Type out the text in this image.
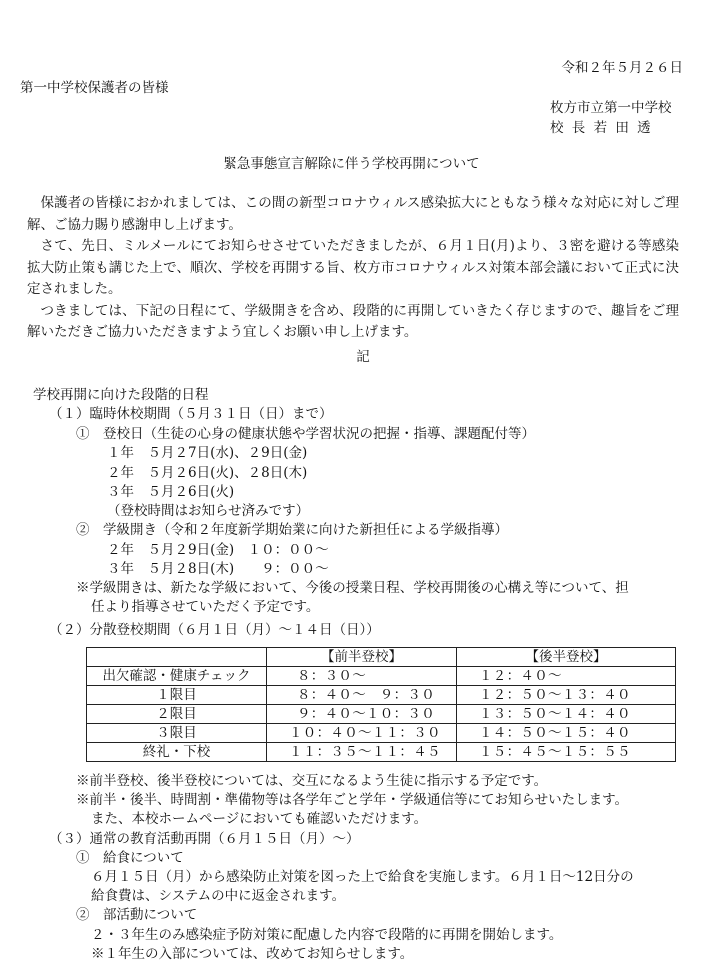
令和２年５月２６日
第一中学校保護者の皆様
枚方市立第一中学校
校 長 若 田 透
緊急事態宣言解除に伴う学校再開について

保護者の皆様におかれましては、この間の新型コロナウィルス感染拡大にともなう様々な対応に対しご理解、ご協力賜り感謝申し上げます。

さて、先日、ミルメールにてお知らせさせていただきましたが、６月１日(月)より、３密を避ける等感染拡大防止策も講じた上で、順次、学校を再開する旨、枚方市コロナウィルス対策本部会議において正式に決定されました。

つきましては、下記の日程にて、学級開きを含め、段階的に再開していきたく存じますので、趣旨をご理解いただきご協力いただきますよう宜しくお願い申し上げます。

記
学校再開に向けた段階的日程
（１）臨時休校期間（５月３１日（日）まで）
①　登校日（生徒の心身の健康状態や学習状況の把握・指導、課題配付等）
１年　５月２7日(水)、２9日(金)
２年　５月２6日(火)、２8日(木)
３年　５月２6日(火)
（登校時間はお知らせ済みです）
②　学級開き（令和２年度新学期始業に向けた新担任による学級指導）
２年　５月２9日(金)　１０：００～
３年　５月２8日(木)　　９：００～
※学級開きは、新たな学級において、今後の授業日程、学校再開後の心構え等について、担
任より指導させていただく予定です。
（２）分散登校期間（６月１日（月）～１４日（日））
	【前半登校】	【後半登校】
出欠確認・健康チェック	８：３０～	１２：４０～
１限目	８：４０～　９：３０	１２：５０～１３：４０
２限目	９：４０～１０：３０	１３：５０～１４：４０
３限目	１０：４０～１１：３０	１４：５０～１５：４０
終礼・下校	１１：３５～１１：４５	１５：４５～１５：５５
※前半登校、後半登校については、交互になるよう生徒に指示する予定です。
※前半・後半、時間割・準備物等は各学年ごと学年・学級通信等にてお知らせいたします。
また、本校ホームページにおいても確認いただけます。
（３）通常の教育活動再開（６月１５日（月）～）
①　給食について
６月１５日（月）から感染防止対策を図った上で給食を実施します。６月１日～12日分の
給食費は、システムの中に返金されます。
②　部活動について
２・３年生のみ感染症予防対策に配慮した内容で段階的に再開を開始します。
※１年生の入部については、改めてお知らせします。
